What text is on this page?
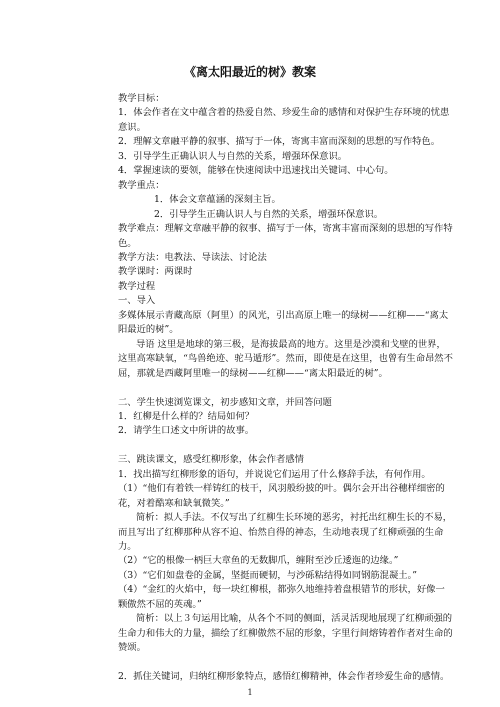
《离太阳最近的树》教案

教学目标：

1．体会作者在文中蕴含着的热爱自然、珍爱生命的感情和对保护生存环境的忧患意识。

2．理解文章融平静的叙事、描写于一体，寄寓丰富而深刻的思想的写作特色。

3．引导学生正确认识人与自然的关系，增强环保意识。

4．掌握速读的要领，能够在快速阅读中迅速找出关键词、中心句。

教学重点：

1．体会文章蕴涵的深刻主旨。

2．引导学生正确认识人与自然的关系，增强环保意识。

教学难点：理解文章融平静的叙事、描写于一体，寄寓丰富而深刻的思想的写作特色。

教学方法：电教法、导读法、讨论法

教学课时：两课时

教学过程

一、导入

多媒体展示青藏高原（阿里）的风光，引出高原上唯一的绿树——红柳——“离太阳最近的树”。

导语 这里是地球的第三极，是海拔最高的地方。这里是沙漠和戈壁的世界，这里高寒缺氧，“鸟兽绝迹、驼马遁形”。然而，即使是在这里，也曾有生命昂然不屈，那就是西藏阿里唯一的绿树——红柳——“离太阳最近的树”。

二、学生快速浏览课文，初步感知文章，并回答问题

1．红柳是什么样的？结局如何？

2．请学生口述文中所讲的故事。

三、跳读课文，感受红柳形象，体会作者感情

1．找出描写红柳形象的语句，并说说它们运用了什么修辞手法，有何作用。

（1）“他们有着铁一样铸红的枝干，风羽般纷披的叶。偶尔会开出谷穗样细密的花，对着酷寒和缺氧微笑。”

简析：拟人手法。不仅写出了红柳生长环境的恶劣，衬托出红柳生长的不易，而且写出了红柳那种从容不迫、怡然自得的神态，生动地表现了红柳顽强的生命力。

（2）“它的根像一柄巨大章鱼的无数脚爪，缠附至沙丘逶迤的边缘。”

（3）“它们如盘卷的金属，坚挺而硬韧，与沙砾粘结得如同钢筋混凝土。”

（4）“金红的火焰中，每一块红柳根，都弥久地维持着盘根错节的形状，好像一颗傲然不屈的英魂。”

简析：以上３句运用比喻，从各个不同的侧面，活灵活现地展现了红柳顽强的生命力和伟大的力量，描绘了红柳傲然不屈的形象，字里行间熔铸着作者对生命的赞颂。

2．抓住关键词，归纳红柳形象特点，感悟红柳精神，体会作者珍爱生命的感情。

1
